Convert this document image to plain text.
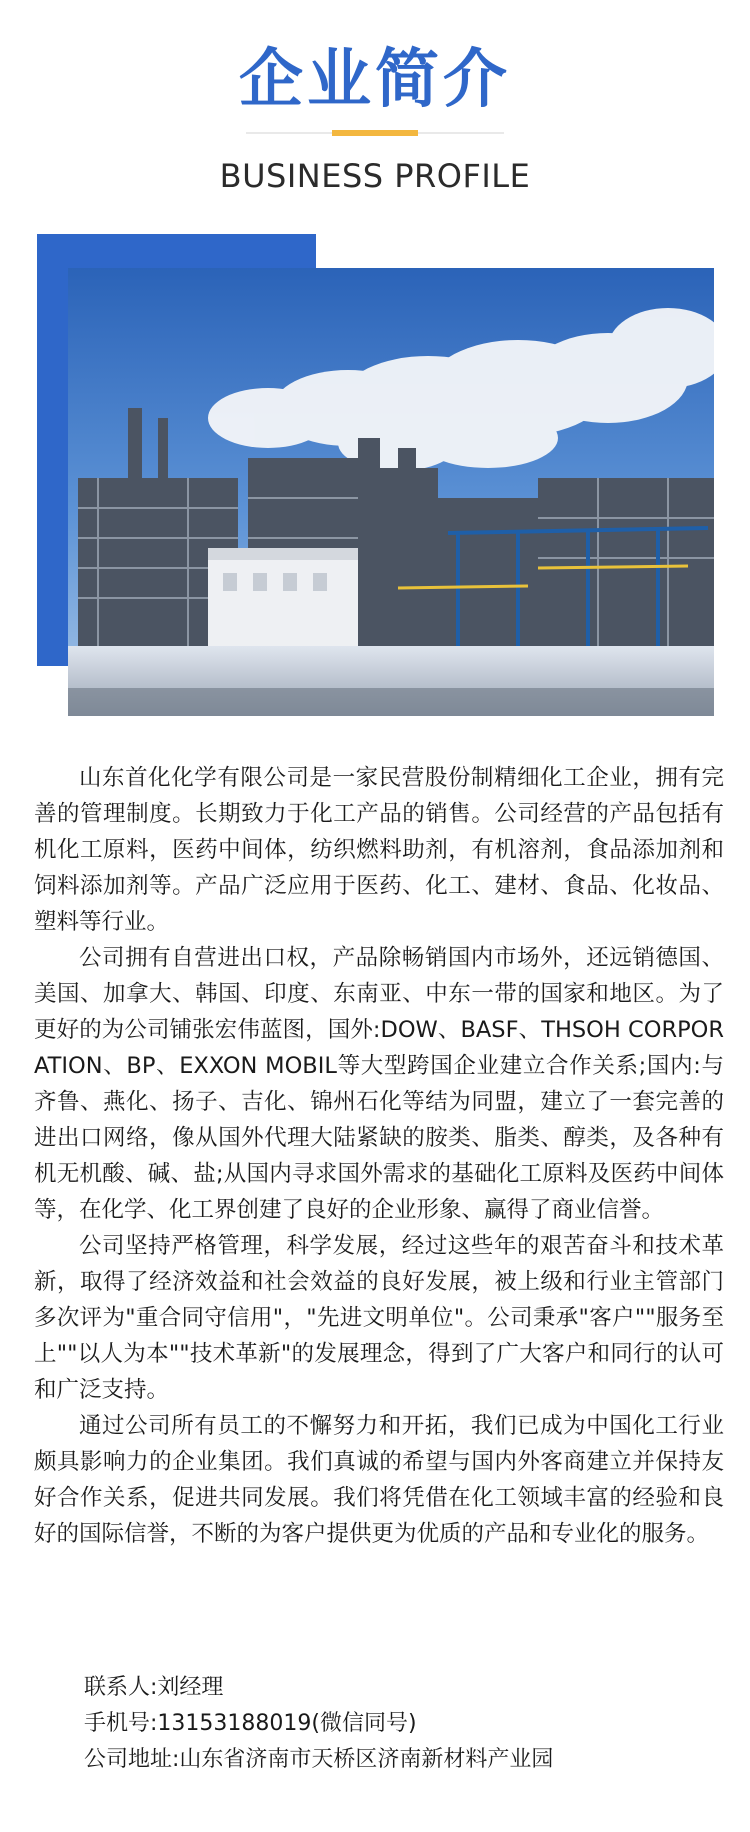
企业简介
BUSINESS PROFILE

山东首化化学有限公司是一家民营股份制精细化工企业，拥有完善的管理制度。长期致力于化工产品的销售。公司经营的产品包括有机化工原料，医药中间体，纺织燃料助剂，有机溶剂，食品添加剂和饲料添加剂等。产品广泛应用于医药、化工、建材、食品、化妆品、塑料等行业。

公司拥有自营进出口权，产品除畅销国内市场外，还远销德国、美国、加拿大、韩国、印度、东南亚、中东一带的国家和地区。为了更好的为公司铺张宏伟蓝图，国外:DOW、BASF、THSOH CORPORATION、BP、EXXON MOBIL等大型跨国企业建立合作关系;国内:与齐鲁、燕化、扬子、吉化、锦州石化等结为同盟，建立了一套完善的进出口网络，像从国外代理大陆紧缺的胺类、脂类、醇类，及各种有机无机酸、碱、盐;从国内寻求国外需求的基础化工原料及医药中间体等，在化学、化工界创建了良好的企业形象、赢得了商业信誉。

公司坚持严格管理，科学发展，经过这些年的艰苦奋斗和技术革新，取得了经济效益和社会效益的良好发展，被上级和行业主管部门多次评为"重合同守信用"，"先进文明单位"。公司秉承"客户""服务至上""以人为本""技术革新"的发展理念，得到了广大客户和同行的认可和广泛支持。

通过公司所有员工的不懈努力和开拓，我们已成为中国化工行业颇具影响力的企业集团。我们真诚的希望与国内外客商建立并保持友好合作关系，促进共同发展。我们将凭借在化工领域丰富的经验和良好的国际信誉，不断的为客户提供更为优质的产品和专业化的服务。

联系人:刘经理
手机号:13153188019(微信同号)
公司地址:山东省济南市天桥区济南新材料产业园
